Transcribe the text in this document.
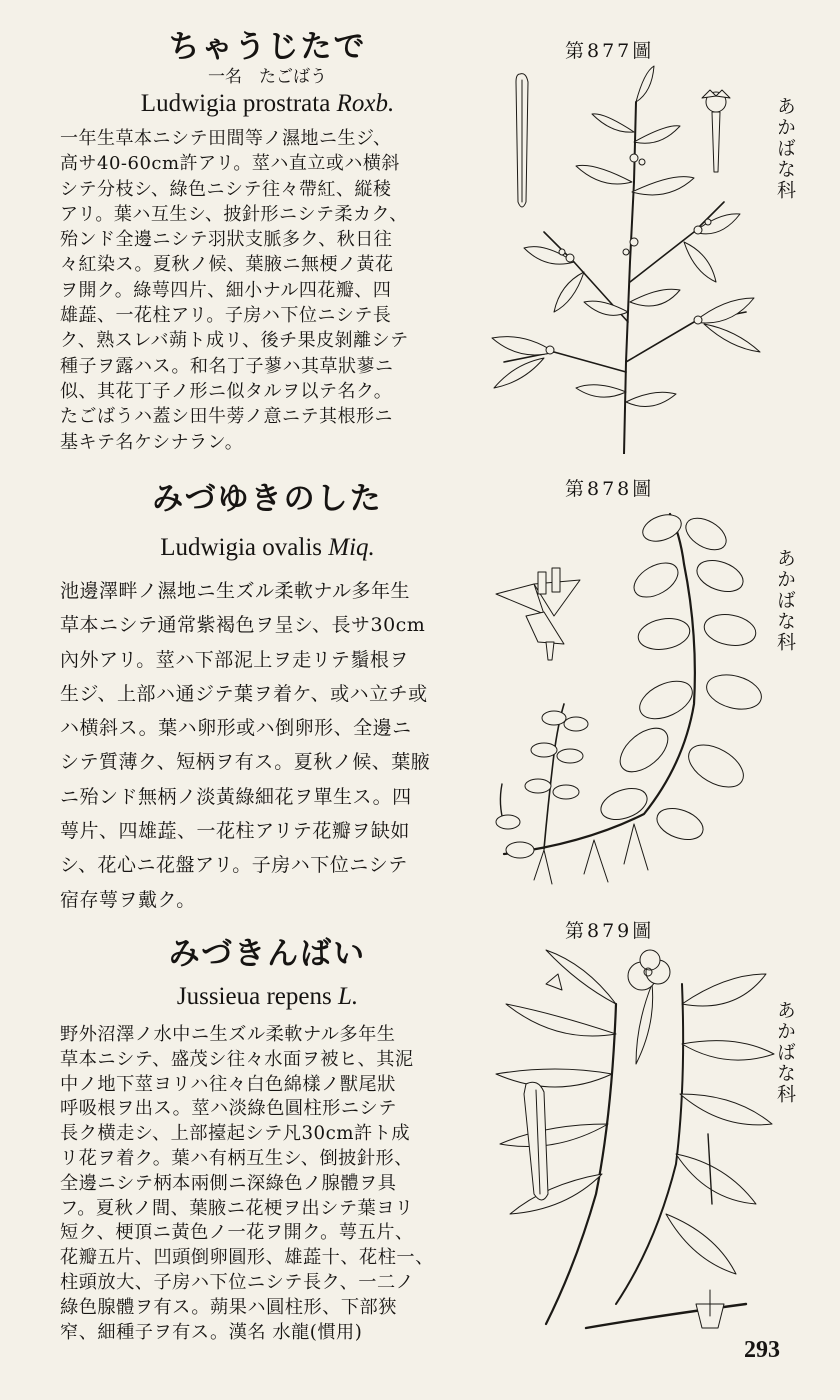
ちゃうじたで

一名　たごばう

Ludwigia prostrata Roxb.

一年生草本ニシテ田間等ノ濕地ニ生ジ、
高サ40-60cm許アリ。莖ハ直立或ハ横斜
シテ分枝シ、綠色ニシテ往々帶紅、縦稜
アリ。葉ハ互生シ、披針形ニシテ柔カク、
殆ンド全邊ニシテ羽狀支脈多ク、秋日往
々紅染ス。夏秋ノ候、葉腋ニ無梗ノ黃花
ヲ開ク。綠萼四片、細小ナル四花瓣、四
雄蕋、一花柱アリ。子房ハ下位ニシテ長
ク、熟スレバ蒴ト成リ、後チ果皮剝離シテ
種子ヲ露ハス。和名丁子蓼ハ其草狀蓼ニ
似、其花丁子ノ形ニ似タルヲ以テ名ク。
たごばうハ蓋シ田牛蒡ノ意ニテ其根形ニ
基キテ名ケシナラン。

みづゆきのした

Ludwigia ovalis Miq.

池邊澤畔ノ濕地ニ生ズル柔軟ナル多年生
草本ニシテ通常紫褐色ヲ呈シ、長サ30cm
內外アリ。莖ハ下部泥上ヲ走リテ鬚根ヲ
生ジ、上部ハ通ジテ葉ヲ着ケ、或ハ立チ或
ハ横斜ス。葉ハ卵形或ハ倒卵形、全邊ニ
シテ質薄ク、短柄ヲ有ス。夏秋ノ候、葉腋
ニ殆ンド無柄ノ淡黃綠細花ヲ單生ス。四
萼片、四雄蕋、一花柱アリテ花瓣ヲ缺如
シ、花心ニ花盤アリ。子房ハ下位ニシテ
宿存萼ヲ戴ク。

みづきんばい

Jussieua repens L.

野外沼澤ノ水中ニ生ズル柔軟ナル多年生
草本ニシテ、盛茂シ往々水面ヲ被ヒ、其泥
中ノ地下莖ヨリハ往々白色綿樣ノ獸尾狀
呼吸根ヲ出ス。莖ハ淡綠色圓柱形ニシテ
長ク横走シ、上部擡起シテ凡30cm許ト成
リ花ヲ着ク。葉ハ有柄互生シ、倒披針形、
全邊ニシテ柄本兩側ニ深綠色ノ腺體ヲ具
フ。夏秋ノ間、葉腋ニ花梗ヲ出シテ葉ヨリ
短ク、梗頂ニ黃色ノ一花ヲ開ク。萼五片、
花瓣五片、凹頭倒卵圓形、雄蕋十、花柱一、
柱頭放大、子房ハ下位ニシテ長ク、一二ノ
綠色腺體ヲ有ス。蒴果ハ圓柱形、下部狹
窄、細種子ヲ有ス。漢名 水龍(慣用)

第877圖

第878圖

第879圖

あかばな科

あかばな科

あかばな科

293
